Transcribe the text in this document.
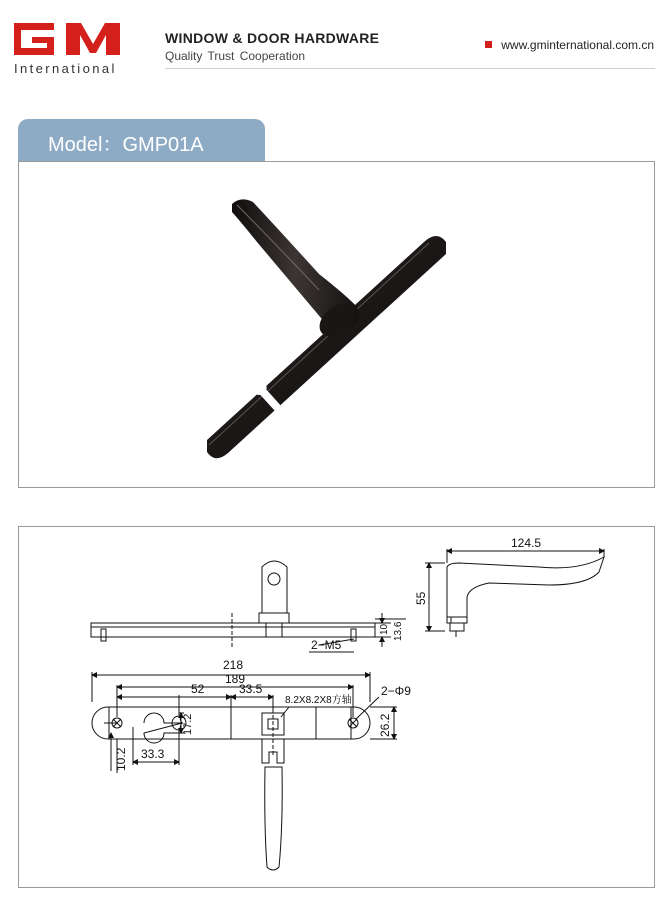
International
WINDOW & DOOR HARDWARE
Quality Trust Cooperation
www.gminternational.com.cn
Model：GMP01A
10 13.6
2−M5
218
189
52	33.5
8.2X8.2X8方轴
2−Φ9
17.2	26.2
10.2 33.3
124.5
55
